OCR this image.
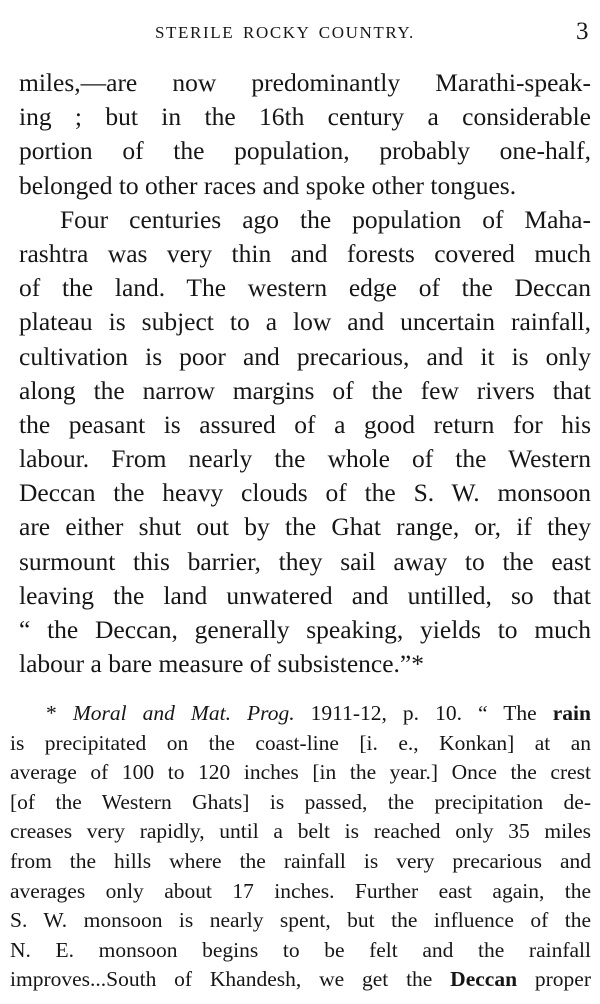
STERILE ROCKY COUNTRY.	3
miles,—are now predominantly Marathi-speak-
ing ; but in the 16th century a considerable
portion of the population, probably one-half,
belonged to other races and spoke other tongues.
Four centuries ago the population of Maha-
rashtra was very thin and forests covered much
of the land. The western edge of the Deccan
plateau is subject to a low and uncertain rainfall,
cultivation is poor and precarious, and it is only
along the narrow margins of the few rivers that
the peasant is assured of a good return for his
labour. From nearly the whole of the Western
Deccan the heavy clouds of the S. W. monsoon
are either shut out by the Ghat range, or, if they
surmount this barrier, they sail away to the east
leaving the land unwatered and untilled, so that
“ the Deccan, generally speaking, yields to much
labour a bare measure of subsistence.”*
* Moral and Mat. Prog. 1911-12, p. 10. “ The rain
is precipitated on the coast-line [i. e., Konkan] at an
average of 100 to 120 inches [in the year.] Once the crest
[of the Western Ghats] is passed, the precipitation de-
creases very rapidly, until a belt is reached only 35 miles
from the hills where the rainfall is very precarious and
averages only about 17 inches. Further east again, the
S. W. monsoon is nearly spent, but the influence of the
N. E. monsoon begins to be felt and the rainfall
improves...South of Khandesh, we get the Deccan proper
